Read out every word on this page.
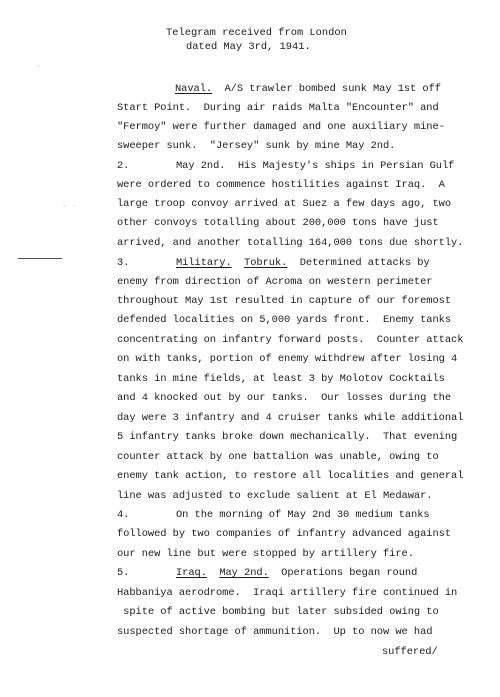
Telegram received from London
dated May 3rd, 1941.
·
- ·
Naval. A/S trawler bombed sunk May 1st off
Start Point.  During air raids Malta "Encounter" and
"Fermoy" were further damaged and one auxiliary mine-
sweeper sunk.  "Jersey" sunk by mine May 2nd.
2.	May 2nd.  His Majesty's ships in Persian Gulf
were ordered to commence hostilities against Iraq.  A
large troop convoy arrived at Suez a few days ago, two
other convoys totalling about 200,000 tons have just
arrived, and another totalling 164,000 tons due shortly.
3.	Military. Tobruk. Determined attacks by
enemy from direction of Acroma on western perimeter
throughout May 1st resulted in capture of our foremost
defended localities on 5,000 yards front.  Enemy tanks
concentrating on infantry forward posts.  Counter attack
on with tanks, portion of enemy withdrew after losing 4
tanks in mine fields, at least 3 by Molotov Cocktails
and 4 knocked out by our tanks.  Our losses during the
day were 3 infantry and 4 cruiser tanks while additional
5 infantry tanks broke down mechanically.  That evening
counter attack by one battalion was unable, owing to
enemy tank action, to restore all localities and general
line was adjusted to exclude salient at El Medawar.
4.	On the morning of May 2nd 30 medium tanks
followed by two companies of infantry advanced against
our new line but were stopped by artillery fire.
5.	Iraq. May 2nd. Operations began round
Habbaniya aerodrome.  Iraqi artillery fire continued in
spite of active bombing but later subsided owing to
suspected shortage of ammunition.  Up to now we had
suffered/
